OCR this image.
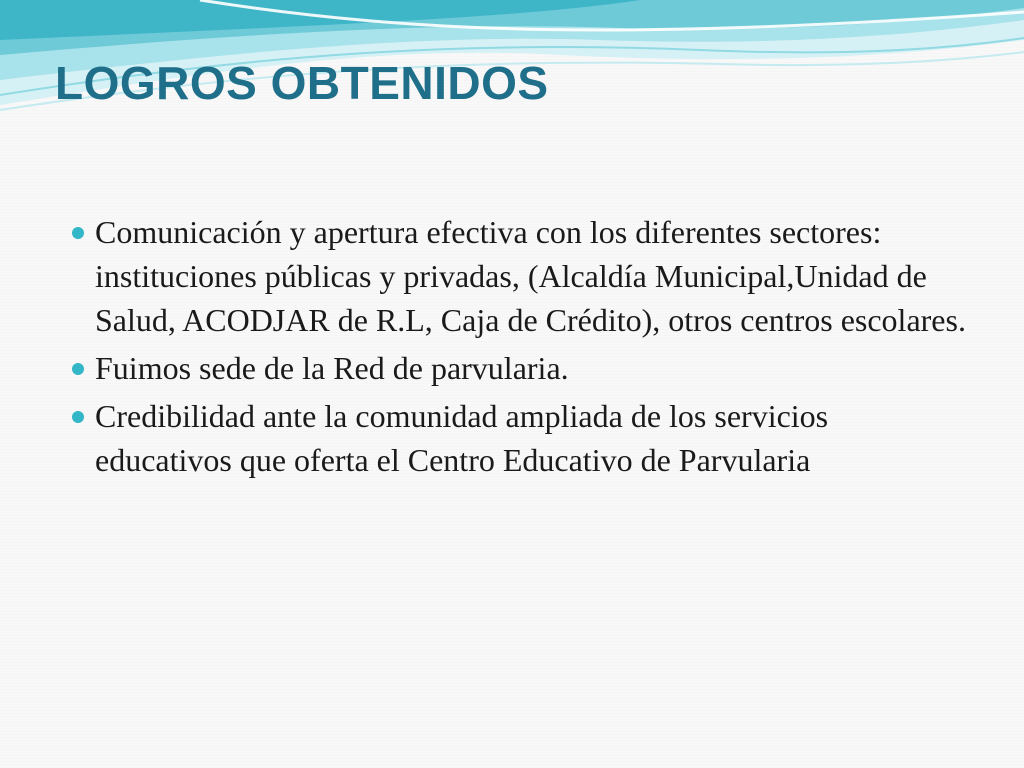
LOGROS OBTENIDOS
Comunicación y apertura efectiva con los diferentes sectores: instituciones públicas y privadas, (Alcaldía Municipal,Unidad de Salud, ACODJAR de R.L, Caja de Crédito), otros centros escolares.
Fuimos sede de la Red de parvularia.
Credibilidad ante la comunidad ampliada de los servicios educativos que oferta el Centro Educativo de Parvularia
